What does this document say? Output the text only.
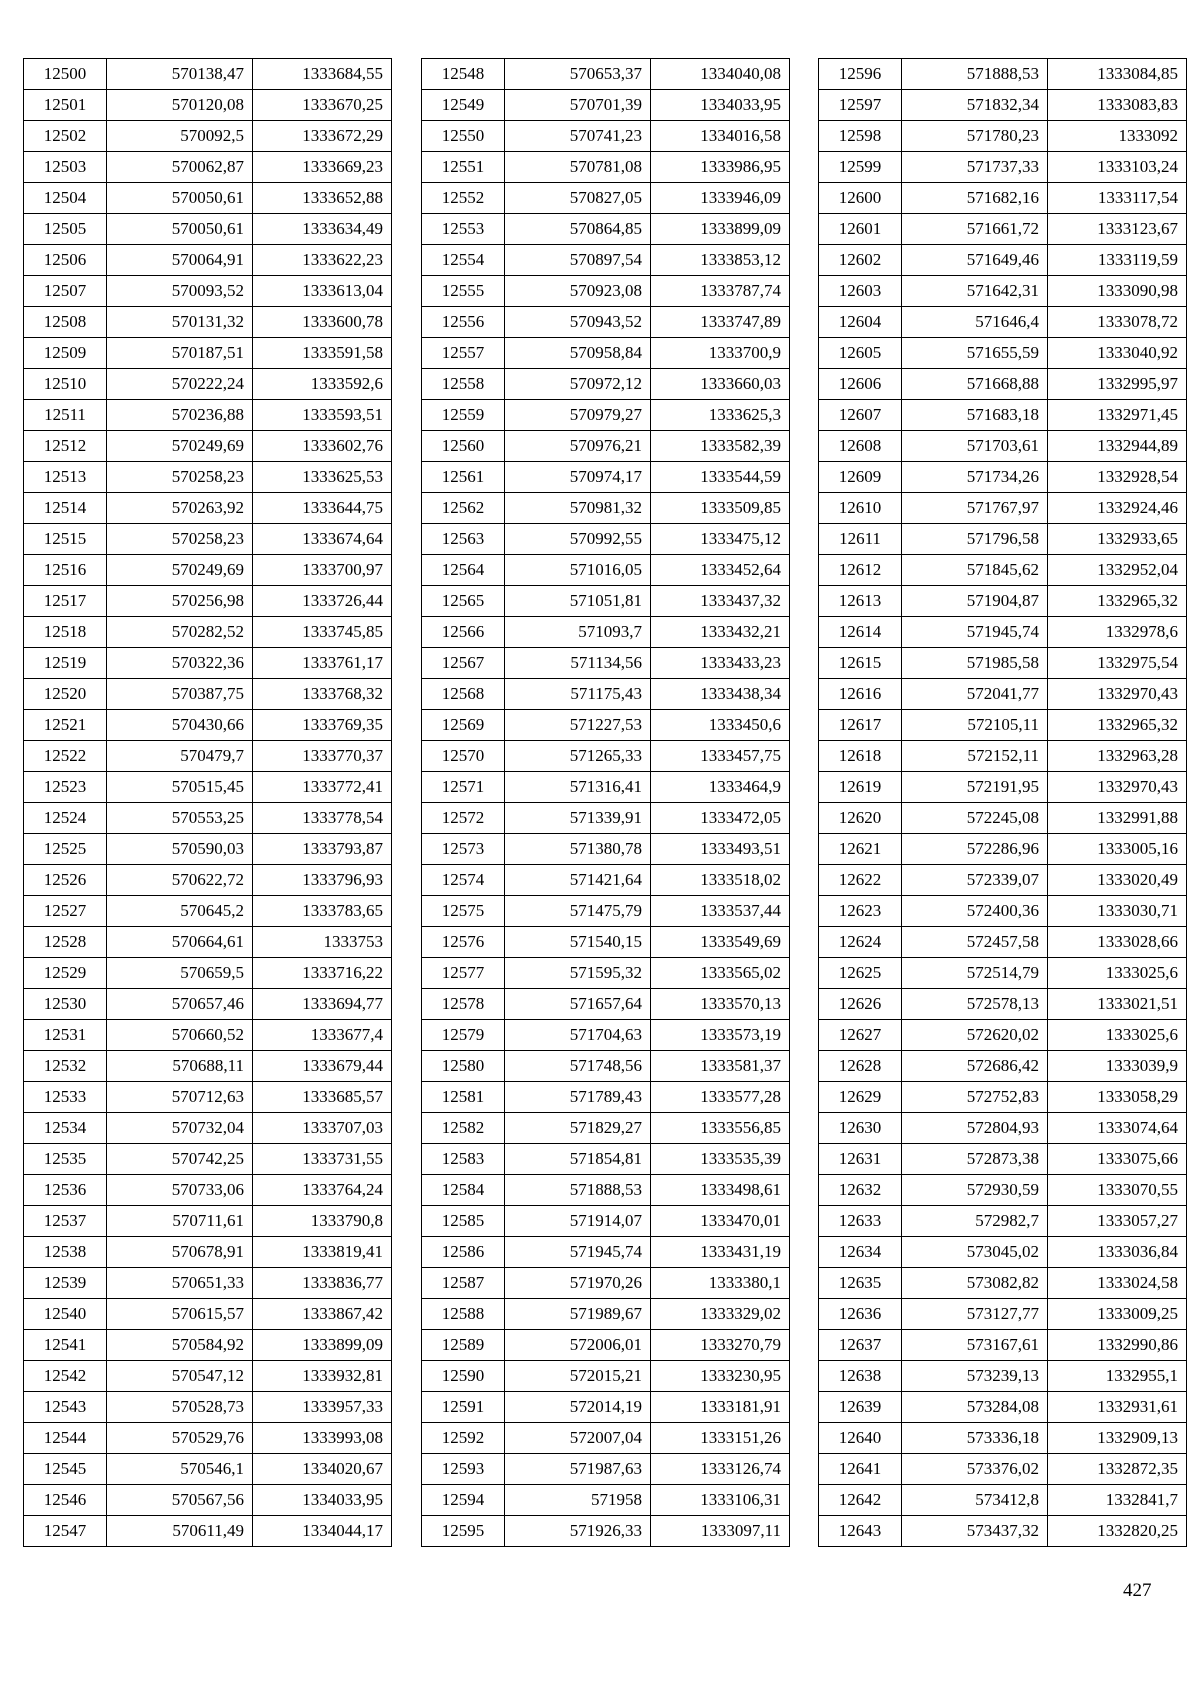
12500	570138,47	1333684,55
12501	570120,08	1333670,25
12502	570092,5	1333672,29
12503	570062,87	1333669,23
12504	570050,61	1333652,88
12505	570050,61	1333634,49
12506	570064,91	1333622,23
12507	570093,52	1333613,04
12508	570131,32	1333600,78
12509	570187,51	1333591,58
12510	570222,24	1333592,6
12511	570236,88	1333593,51
12512	570249,69	1333602,76
12513	570258,23	1333625,53
12514	570263,92	1333644,75
12515	570258,23	1333674,64
12516	570249,69	1333700,97
12517	570256,98	1333726,44
12518	570282,52	1333745,85
12519	570322,36	1333761,17
12520	570387,75	1333768,32
12521	570430,66	1333769,35
12522	570479,7	1333770,37
12523	570515,45	1333772,41
12524	570553,25	1333778,54
12525	570590,03	1333793,87
12526	570622,72	1333796,93
12527	570645,2	1333783,65
12528	570664,61	1333753
12529	570659,5	1333716,22
12530	570657,46	1333694,77
12531	570660,52	1333677,4
12532	570688,11	1333679,44
12533	570712,63	1333685,57
12534	570732,04	1333707,03
12535	570742,25	1333731,55
12536	570733,06	1333764,24
12537	570711,61	1333790,8
12538	570678,91	1333819,41
12539	570651,33	1333836,77
12540	570615,57	1333867,42
12541	570584,92	1333899,09
12542	570547,12	1333932,81
12543	570528,73	1333957,33
12544	570529,76	1333993,08
12545	570546,1	1334020,67
12546	570567,56	1334033,95
12547	570611,49	1334044,17
12548	570653,37	1334040,08
12549	570701,39	1334033,95
12550	570741,23	1334016,58
12551	570781,08	1333986,95
12552	570827,05	1333946,09
12553	570864,85	1333899,09
12554	570897,54	1333853,12
12555	570923,08	1333787,74
12556	570943,52	1333747,89
12557	570958,84	1333700,9
12558	570972,12	1333660,03
12559	570979,27	1333625,3
12560	570976,21	1333582,39
12561	570974,17	1333544,59
12562	570981,32	1333509,85
12563	570992,55	1333475,12
12564	571016,05	1333452,64
12565	571051,81	1333437,32
12566	571093,7	1333432,21
12567	571134,56	1333433,23
12568	571175,43	1333438,34
12569	571227,53	1333450,6
12570	571265,33	1333457,75
12571	571316,41	1333464,9
12572	571339,91	1333472,05
12573	571380,78	1333493,51
12574	571421,64	1333518,02
12575	571475,79	1333537,44
12576	571540,15	1333549,69
12577	571595,32	1333565,02
12578	571657,64	1333570,13
12579	571704,63	1333573,19
12580	571748,56	1333581,37
12581	571789,43	1333577,28
12582	571829,27	1333556,85
12583	571854,81	1333535,39
12584	571888,53	1333498,61
12585	571914,07	1333470,01
12586	571945,74	1333431,19
12587	571970,26	1333380,1
12588	571989,67	1333329,02
12589	572006,01	1333270,79
12590	572015,21	1333230,95
12591	572014,19	1333181,91
12592	572007,04	1333151,26
12593	571987,63	1333126,74
12594	571958	1333106,31
12595	571926,33	1333097,11
12596	571888,53	1333084,85
12597	571832,34	1333083,83
12598	571780,23	1333092
12599	571737,33	1333103,24
12600	571682,16	1333117,54
12601	571661,72	1333123,67
12602	571649,46	1333119,59
12603	571642,31	1333090,98
12604	571646,4	1333078,72
12605	571655,59	1333040,92
12606	571668,88	1332995,97
12607	571683,18	1332971,45
12608	571703,61	1332944,89
12609	571734,26	1332928,54
12610	571767,97	1332924,46
12611	571796,58	1332933,65
12612	571845,62	1332952,04
12613	571904,87	1332965,32
12614	571945,74	1332978,6
12615	571985,58	1332975,54
12616	572041,77	1332970,43
12617	572105,11	1332965,32
12618	572152,11	1332963,28
12619	572191,95	1332970,43
12620	572245,08	1332991,88
12621	572286,96	1333005,16
12622	572339,07	1333020,49
12623	572400,36	1333030,71
12624	572457,58	1333028,66
12625	572514,79	1333025,6
12626	572578,13	1333021,51
12627	572620,02	1333025,6
12628	572686,42	1333039,9
12629	572752,83	1333058,29
12630	572804,93	1333074,64
12631	572873,38	1333075,66
12632	572930,59	1333070,55
12633	572982,7	1333057,27
12634	573045,02	1333036,84
12635	573082,82	1333024,58
12636	573127,77	1333009,25
12637	573167,61	1332990,86
12638	573239,13	1332955,1
12639	573284,08	1332931,61
12640	573336,18	1332909,13
12641	573376,02	1332872,35
12642	573412,8	1332841,7
12643	573437,32	1332820,25
427
